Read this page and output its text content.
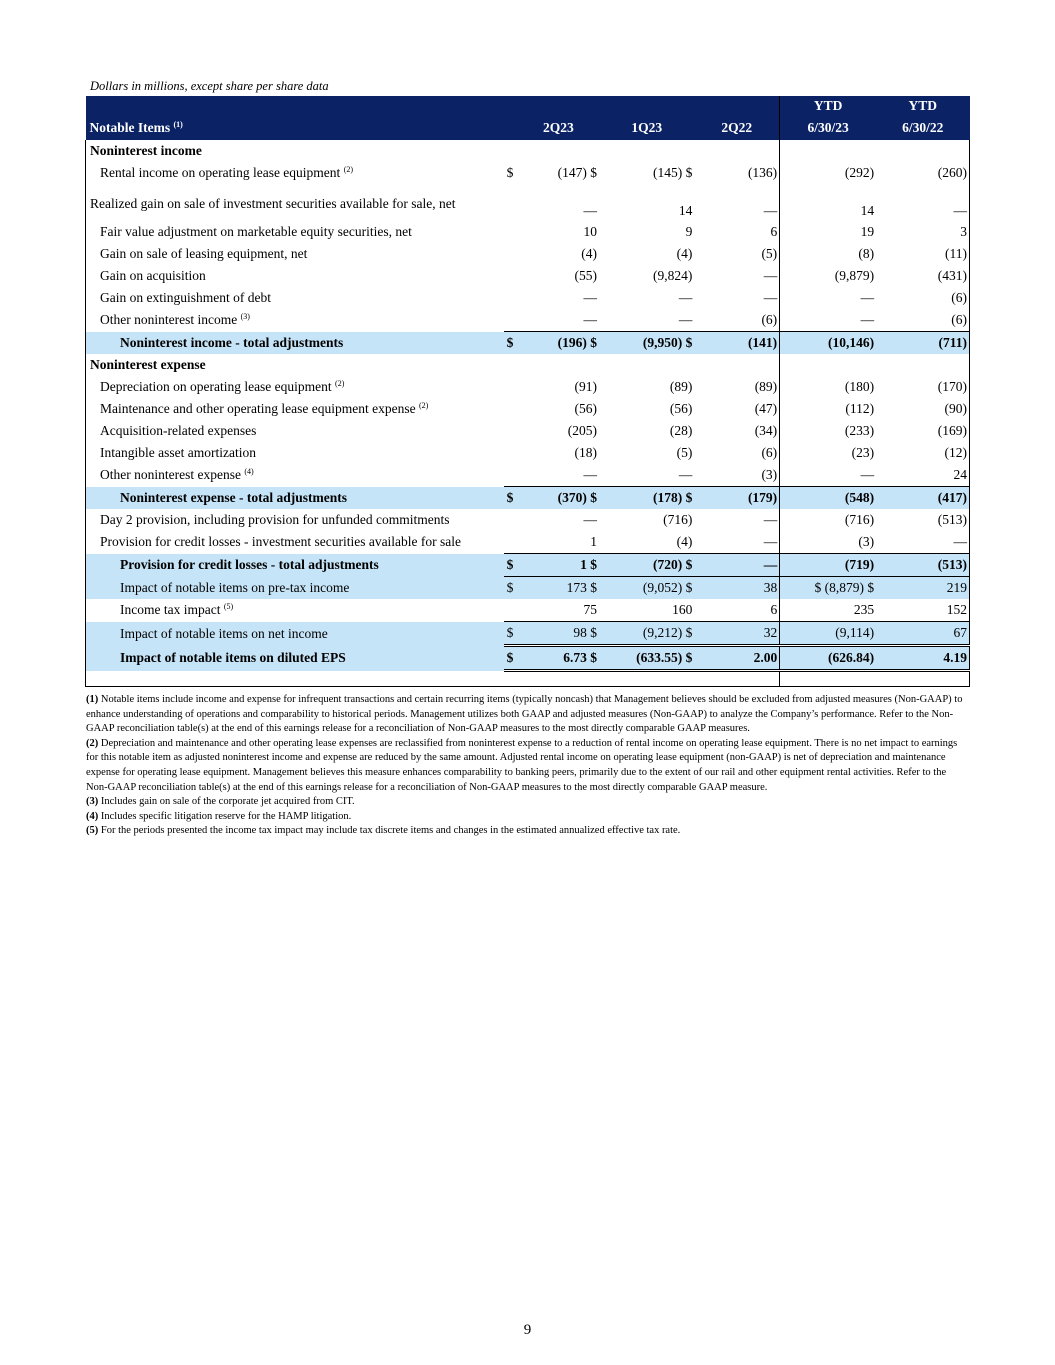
Dollars in millions, except share per share data
					YTD	YTD
Notable Items $^{(1)}$		2Q23	1Q23	2Q22	6/30/23	6/30/22
Noninterest income						
Rental income on operating lease equipment $^{(2)}$	$	(147) $	(145) $	(136)	(292)	(260)
Realized gain on sale of investment securities available for sale, net		—	14	—	14	—
Fair value adjustment on marketable equity securities, net		10	9	6	19	3
Gain on sale of leasing equipment, net		(4)	(4)	(5)	(8)	(11)
Gain on acquisition		(55)	(9,824)	—	(9,879)	(431)
Gain on extinguishment of debt		—	—	—	—	(6)
Other noninterest income $^{(3)}$		—	—	(6)	—	(6)
Noninterest income - total adjustments	$	(196) $	(9,950) $	(141)	(10,146)	(711)
Noninterest expense						
Depreciation on operating lease equipment $^{(2)}$		(91)	(89)	(89)	(180)	(170)
Maintenance and other operating lease equipment expense $^{(2)}$		(56)	(56)	(47)	(112)	(90)
Acquisition-related expenses		(205)	(28)	(34)	(233)	(169)
Intangible asset amortization		(18)	(5)	(6)	(23)	(12)
Other noninterest expense $^{(4)}$		—	—	(3)	—	24
Noninterest expense - total adjustments	$	(370) $	(178) $	(179)	(548)	(417)
Day 2 provision, including provision for unfunded commitments		—	(716)	—	(716)	(513)
Provision for credit losses - investment securities available for sale		1	(4)	—	(3)	—
Provision for credit losses - total adjustments	$	1 $	(720) $	—	(719)	(513)
Impact of notable items on pre-tax income	$	173 $	(9,052) $	38	$ (8,879) $	219
Income tax impact $^{(5)}$		75	160	6	235	152
Impact of notable items on net income	$	98 $	(9,212) $	32	(9,114)	67
Impact of notable items on diluted EPS	$	6.73 $	(633.55) $	2.00	(626.84)	4.19

(1) Notable items include income and expense for infrequent transactions and certain recurring items (typically noncash) that Management believes should be excluded from adjusted measures (Non-GAAP) to enhance understanding of operations and comparability to historical periods. Management utilizes both GAAP and adjusted measures (Non-GAAP) to analyze the Company’s performance. Refer to the Non-GAAP reconciliation table(s) at the end of this earnings release for a reconciliation of Non-GAAP measures to the most directly comparable GAAP measures.

(2) Depreciation and maintenance and other operating lease expenses are reclassified from noninterest expense to a reduction of rental income on operating lease equipment. There is no net impact to earnings for this notable item as adjusted noninterest income and expense are reduced by the same amount. Adjusted rental income on operating lease equipment (non-GAAP) is net of depreciation and maintenance expense for operating lease equipment. Management believes this measure enhances comparability to banking peers, primarily due to the extent of our rail and other equipment rental activities. Refer to the Non-GAAP reconciliation table(s) at the end of this earnings release for a reconciliation of Non-GAAP measures to the most directly comparable GAAP measure.

(3) Includes gain on sale of the corporate jet acquired from CIT.

(4) Includes specific litigation reserve for the HAMP litigation.

(5) For the periods presented the income tax impact may include tax discrete items and changes in the estimated annualized effective tax rate.

9
